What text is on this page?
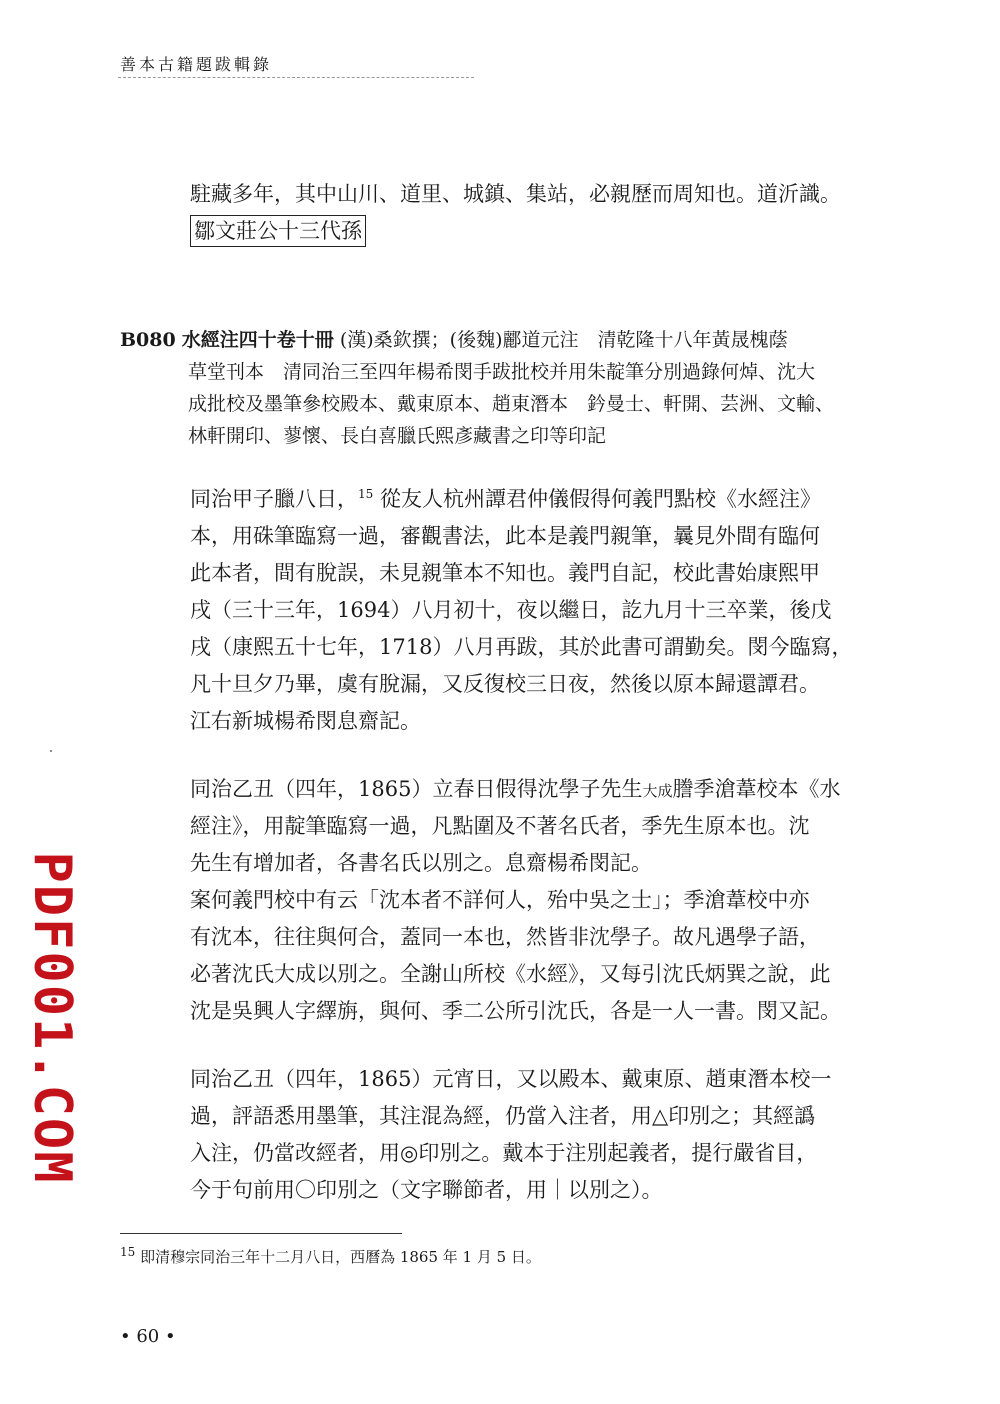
善本古籍題跋輯錄
駐藏多年，其中山川、道里、城鎮、集站，必親歷而周知也。道沂識。
鄒文莊公十三代孫
B080 水經注四十卷十冊 (漢)桑欽撰；(後魏)酈道元注　清乾隆十八年黃晟槐蔭
草堂刊本　清同治三至四年楊希閔手跋批校并用朱靛筆分別過錄何焯、沈大
成批校及墨筆參校殿本、戴東原本、趙東潛本　鈐曼士、軒開、芸洲、文輸、
林軒開印、蓼懷、長白喜臘氏熙彥藏書之印等印記
同治甲子臘八日，$^{15}$ 從友人杭州譚君仲儀假得何義門點校《水經注》
本，用硃筆臨寫一過，審觀書法，此本是義門親筆，曩見外間有臨何
此本者，間有脫誤，未見親筆本不知也。義門自記，校此書始康熙甲
戌（三十三年，1694）八月初十，夜以繼日，訖九月十三卒業，後戊
戌（康熙五十七年，1718）八月再跋，其於此書可謂勤矣。閔今臨寫，
凡十旦夕乃畢，虞有脫漏，又反復校三日夜，然後以原本歸還譚君。
江右新城楊希閔息齋記。
同治乙丑（四年，1865）立春日假得沈學子先生大成謄季滄葦校本《水
經注》，用靛筆臨寫一過，凡點圍及不著名氏者，季先生原本也。沈
先生有增加者，各書名氏以別之。息齋楊希閔記。
案何義門校中有云「沈本者不詳何人，殆中吳之士」；季滄葦校中亦
有沈本，往往與何合，蓋同一本也，然皆非沈學子。故凡遇學子語，
必著沈氏大成以別之。全謝山所校《水經》，又每引沈氏炳巽之說，此
沈是吳興人字繹旃，與何、季二公所引沈氏，各是一人一書。閔又記。
同治乙丑（四年，1865）元宵日，又以殿本、戴東原、趙東潛本校一
過，評語悉用墨筆，其注混為經，仍當入注者，用△印別之；其經譌
入注，仍當改經者，用◎印別之。戴本于注別起義者，提行嚴省目，
今于句前用〇印別之（文字聯節者，用｜以別之）。
PDF001.COM
$^{15}$ 即清穆宗同治三年十二月八日，西曆為 1865 年 1 月 5 日。
• 60 •
